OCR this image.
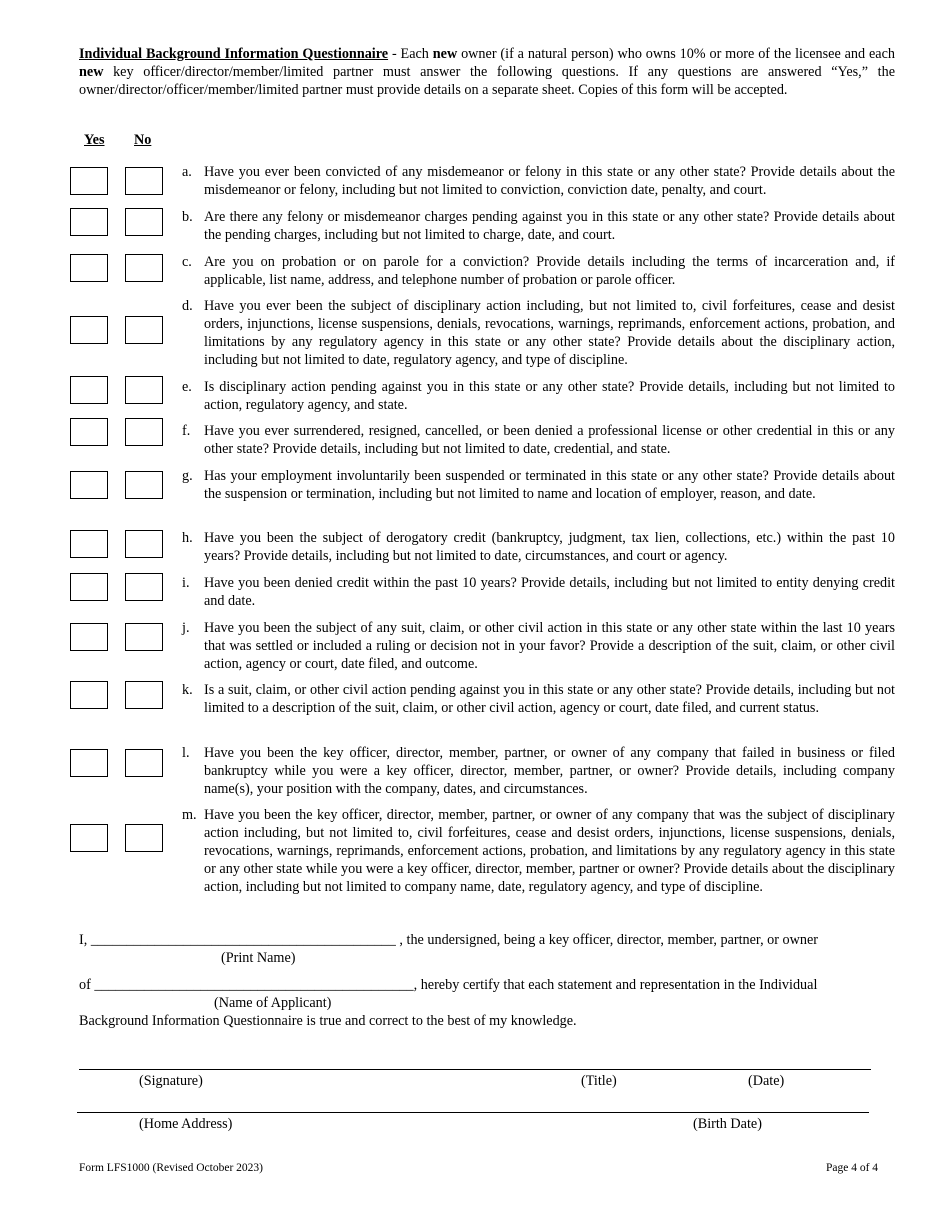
Individual Background Information Questionnaire - Each new owner (if a natural person) who owns 10% or more of the licensee and each new key officer/director/member/limited partner must answer the following questions. If any questions are answered “Yes,” the owner/director/officer/member/limited partner must provide details on a separate sheet. Copies of this form will be accepted.
Yes No
a. Have you ever been convicted of any misdemeanor or felony in this state or any other state? Provide details about the misdemeanor or felony, including but not limited to conviction, conviction date, penalty, and court.
b. Are there any felony or misdemeanor charges pending against you in this state or any other state? Provide details about the pending charges, including but not limited to charge, date, and court.
c. Are you on probation or on parole for a conviction? Provide details including the terms of incarceration and, if applicable, list name, address, and telephone number of probation or parole officer.
d. Have you ever been the subject of disciplinary action including, but not limited to, civil forfeitures, cease and desist orders, injunctions, license suspensions, denials, revocations, warnings, reprimands, enforcement actions, probation, and limitations by any regulatory agency in this state or any other state? Provide details about the disciplinary action, including but not limited to date, regulatory agency, and type of discipline.
e. Is disciplinary action pending against you in this state or any other state? Provide details, including but not limited to action, regulatory agency, and state.
f. Have you ever surrendered, resigned, cancelled, or been denied a professional license or other credential in this or any other state? Provide details, including but not limited to date, credential, and state.
g. Has your employment involuntarily been suspended or terminated in this state or any other state? Provide details about the suspension or termination, including but not limited to name and location of employer, reason, and date.
h. Have you been the subject of derogatory credit (bankruptcy, judgment, tax lien, collections, etc.) within the past 10 years? Provide details, including but not limited to date, circumstances, and court or agency.
i.	Have you been denied credit within the past 10 years? Provide details, including but not limited to entity denying credit and date.
j.	Have you been the subject of any suit, claim, or other civil action in this state or any other state within the last 10 years that was settled or included a ruling or decision not in your favor? Provide a description of the suit, claim, or other civil action, agency or court, date filed, and outcome.
k. Is a suit, claim, or other civil action pending against you in this state or any other state? Provide details, including but not limited to a description of the suit, claim, or other civil action, agency or court, date filed, and current status.
l.	Have you been the key officer, director, member, partner, or owner of any company that failed in business or filed bankruptcy while you were a key officer, director, member, partner, or owner? Provide details, including company name(s), your position with the company, dates, and circumstances.
m. Have you been the key officer, director, member, partner, or owner of any company that was the subject of disciplinary action including, but not limited to, civil forfeitures, cease and desist orders, injunctions, license suspensions, denials, revocations, warnings, reprimands, enforcement actions, probation, and limitations by any regulatory agency in this state or any other state while you were a key officer, director, member, partner or owner? Provide details about the disciplinary action, including but not limited to company name, date, regulatory agency, and type of discipline.
I, ___________________________________________ , the undersigned, being a key officer, director, member, partner, or owner
(Print Name)
of _____________________________________________, hereby certify that each statement and representation in the Individual
(Name of Applicant)
Background Information Questionnaire is true and correct to the best of my knowledge.
(Signature)	(Title)	(Date)
(Home Address)	(Birth Date)
Form LFS1000 (Revised October 2023)	Page 4 of 4
